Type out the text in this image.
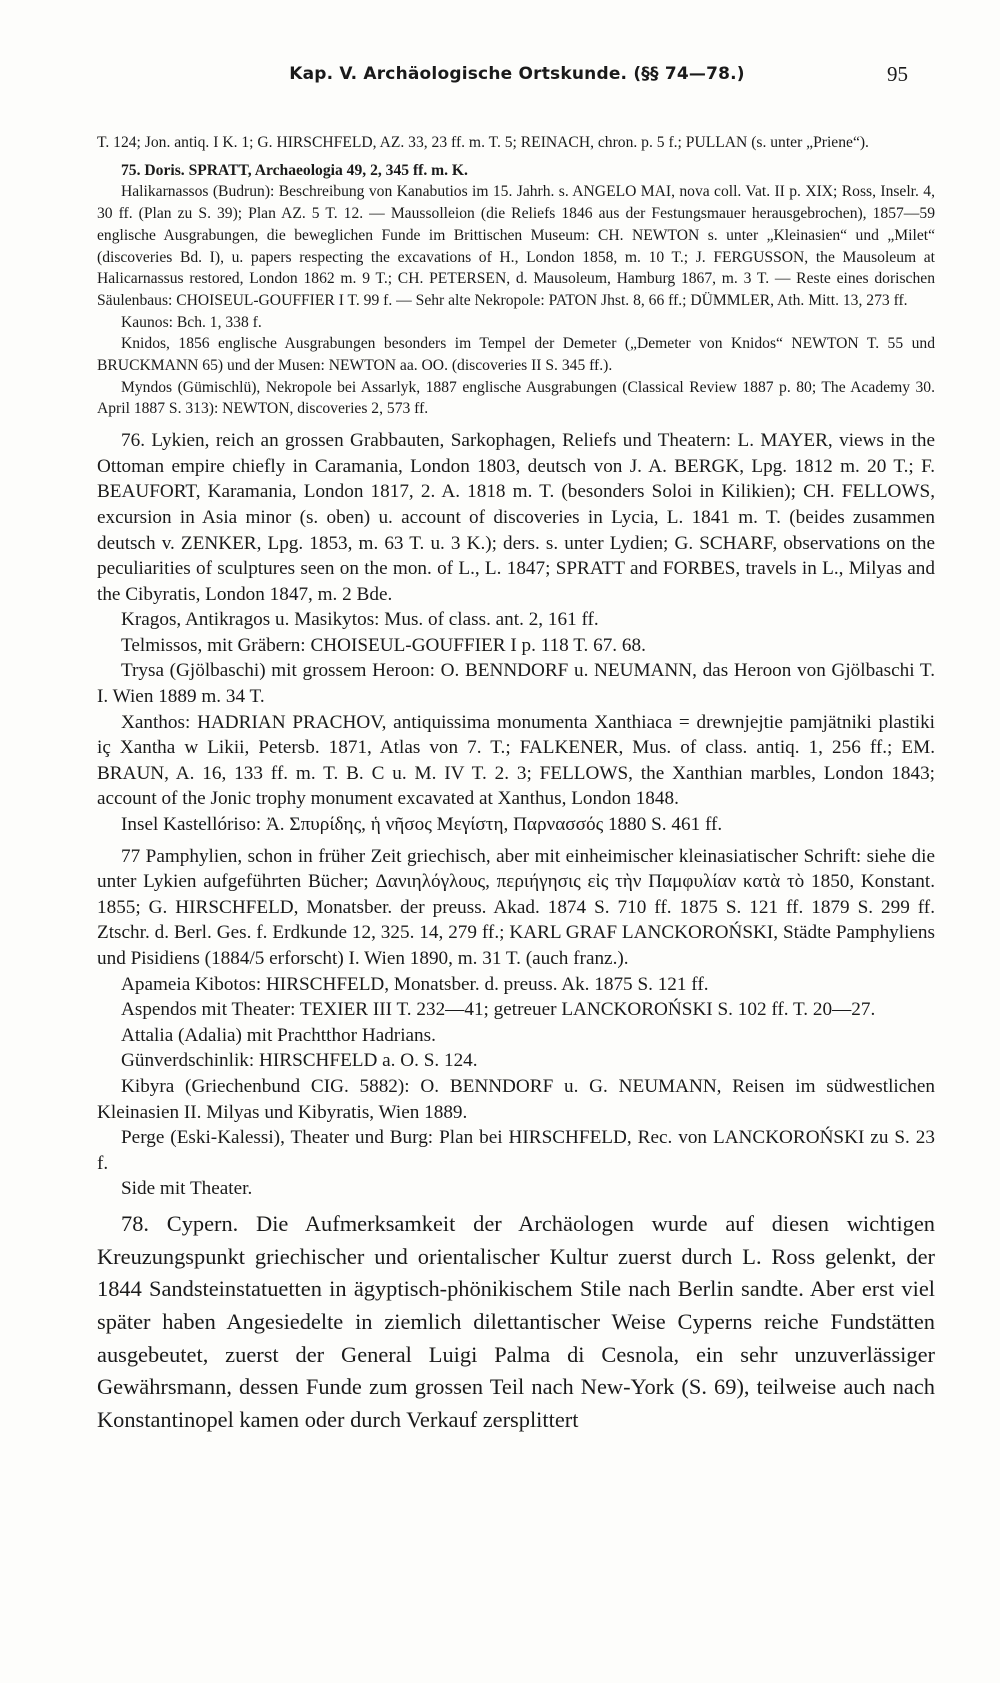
Kap. V. Archäologische Ortskunde. (§§ 74—78.)	95

T. 124; Jon. antiq. I K. 1; G. HIRSCHFELD, AZ. 33, 23 ff. m. T. 5; REINACH, chron. p. 5 f.; PULLAN (s. unter „Priene“).

75. Doris. SPRATT, Archaeologia 49, 2, 345 ff. m. K.

Halikarnassos (Budrun): Beschreibung von Kanabutios im 15. Jahrh. s. ANGELO MAI, nova coll. Vat. II p. XIX; Ross, Inselr. 4, 30 ff. (Plan zu S. 39); Plan AZ. 5 T. 12. — Maussolleion (die Reliefs 1846 aus der Festungsmauer herausgebrochen), 1857—59 englische Ausgrabungen, die beweglichen Funde im Brittischen Museum: CH. NEWTON s. unter „Kleinasien“ und „Milet“ (discoveries Bd. I), u. papers respecting the excavations of H., London 1858, m. 10 T.; J. FERGUSSON, the Mausoleum at Halicarnassus restored, London 1862 m. 9 T.; CH. PETERSEN, d. Mausoleum, Hamburg 1867, m. 3 T. — Reste eines dorischen Säulenbaus: CHOISEUL-GOUFFIER I T. 99 f. — Sehr alte Nekropole: PATON Jhst. 8, 66 ff.; DÜMMLER, Ath. Mitt. 13, 273 ff.

Kaunos: Bch. 1, 338 f.

Knidos, 1856 englische Ausgrabungen besonders im Tempel der Demeter („Demeter von Knidos“ NEWTON T. 55 und BRUCKMANN 65) und der Musen: NEWTON aa. OO. (discoveries II S. 345 ff.).

Myndos (Gümischlü), Nekropole bei Assarlyk, 1887 englische Ausgrabungen (Classical Review 1887 p. 80; The Academy 30. April 1887 S. 313): NEWTON, discoveries 2, 573 ff.

76. Lykien, reich an grossen Grabbauten, Sarkophagen, Reliefs und Theatern: L. MAYER, views in the Ottoman empire chiefly in Caramania, London 1803, deutsch von J. A. BERGK, Lpg. 1812 m. 20 T.; F. BEAUFORT, Karamania, London 1817, 2. A. 1818 m. T. (besonders Soloi in Kilikien); CH. FELLOWS, excursion in Asia minor (s. oben) u. account of discoveries in Lycia, L. 1841 m. T. (beides zusammen deutsch v. ZENKER, Lpg. 1853, m. 63 T. u. 3 K.); ders. s. unter Lydien; G. SCHARF, observations on the peculiarities of sculptures seen on the mon. of L., L. 1847; SPRATT and FORBES, travels in L., Milyas and the Cibyratis, London 1847, m. 2 Bde.

Kragos, Antikragos u. Masikytos: Mus. of class. ant. 2, 161 ff.

Telmissos, mit Gräbern: CHOISEUL-GOUFFIER I p. 118 T. 67. 68.

Trysa (Gjölbaschi) mit grossem Heroon: O. BENNDORF u. NEUMANN, das Heroon von Gjölbaschi T. I. Wien 1889 m. 34 T.

Xanthos: HADRIAN PRACHOV, antiquissima monumenta Xanthiaca = drewnjejtie pamjätniki plastiki iç Xantha w Likii, Petersb. 1871, Atlas von 7. T.; FALKENER, Mus. of class. antiq. 1, 256 ff.; EM. BRAUN, A. 16, 133 ff. m. T. B. C u. M. IV T. 2. 3; FELLOWS, the Xanthian marbles, London 1843; account of the Jonic trophy monument excavated at Xanthus, London 1848.

Insel Kastellóriso: Ἀ. Σπυρίδης, ἡ νῆσος Μεγίστη, Παρνασσός 1880 S. 461 ff.

77 Pamphylien, schon in früher Zeit griechisch, aber mit einheimischer kleinasiatischer Schrift: siehe die unter Lykien aufgeführten Bücher; Δανιηλόγλους, περιήγησις εἰς τὴν Παμφυλίαν κατὰ τὸ 1850, Konstant. 1855; G. HIRSCHFELD, Monatsber. der preuss. Akad. 1874 S. 710 ff. 1875 S. 121 ff. 1879 S. 299 ff. Ztschr. d. Berl. Ges. f. Erdkunde 12, 325. 14, 279 ff.; KARL GRAF LANCKOROŃSKI, Städte Pamphyliens und Pisidiens (1884/5 erforscht) I. Wien 1890, m. 31 T. (auch franz.).

Apameia Kibotos: HIRSCHFELD, Monatsber. d. preuss. Ak. 1875 S. 121 ff.

Aspendos mit Theater: TEXIER III T. 232—41; getreuer LANCKOROŃSKI S. 102 ff. T. 20—27.

Attalia (Adalia) mit Prachtthor Hadrians.

Günverdschinlik: HIRSCHFELD a. O. S. 124.

Kibyra (Griechenbund CIG. 5882): O. BENNDORF u. G. NEUMANN, Reisen im südwestlichen Kleinasien II. Milyas und Kibyratis, Wien 1889.

Perge (Eski-Kalessi), Theater und Burg: Plan bei HIRSCHFELD, Rec. von LANCKOROŃSKI zu S. 23 f.

Side mit Theater.

78. Cypern. Die Aufmerksamkeit der Archäologen wurde auf diesen wichtigen Kreuzungspunkt griechischer und orientalischer Kultur zuerst durch L. Ross gelenkt, der 1844 Sandsteinstatuetten in ägyptisch-phönikischem Stile nach Berlin sandte. Aber erst viel später haben Angesiedelte in ziemlich dilettantischer Weise Cyperns reiche Fundstätten ausgebeutet, zuerst der General Luigi Palma di Cesnola, ein sehr unzuverlässiger Gewährsmann, dessen Funde zum grossen Teil nach New-York (S. 69), teilweise auch nach Konstantinopel kamen oder durch Verkauf zersplittert
